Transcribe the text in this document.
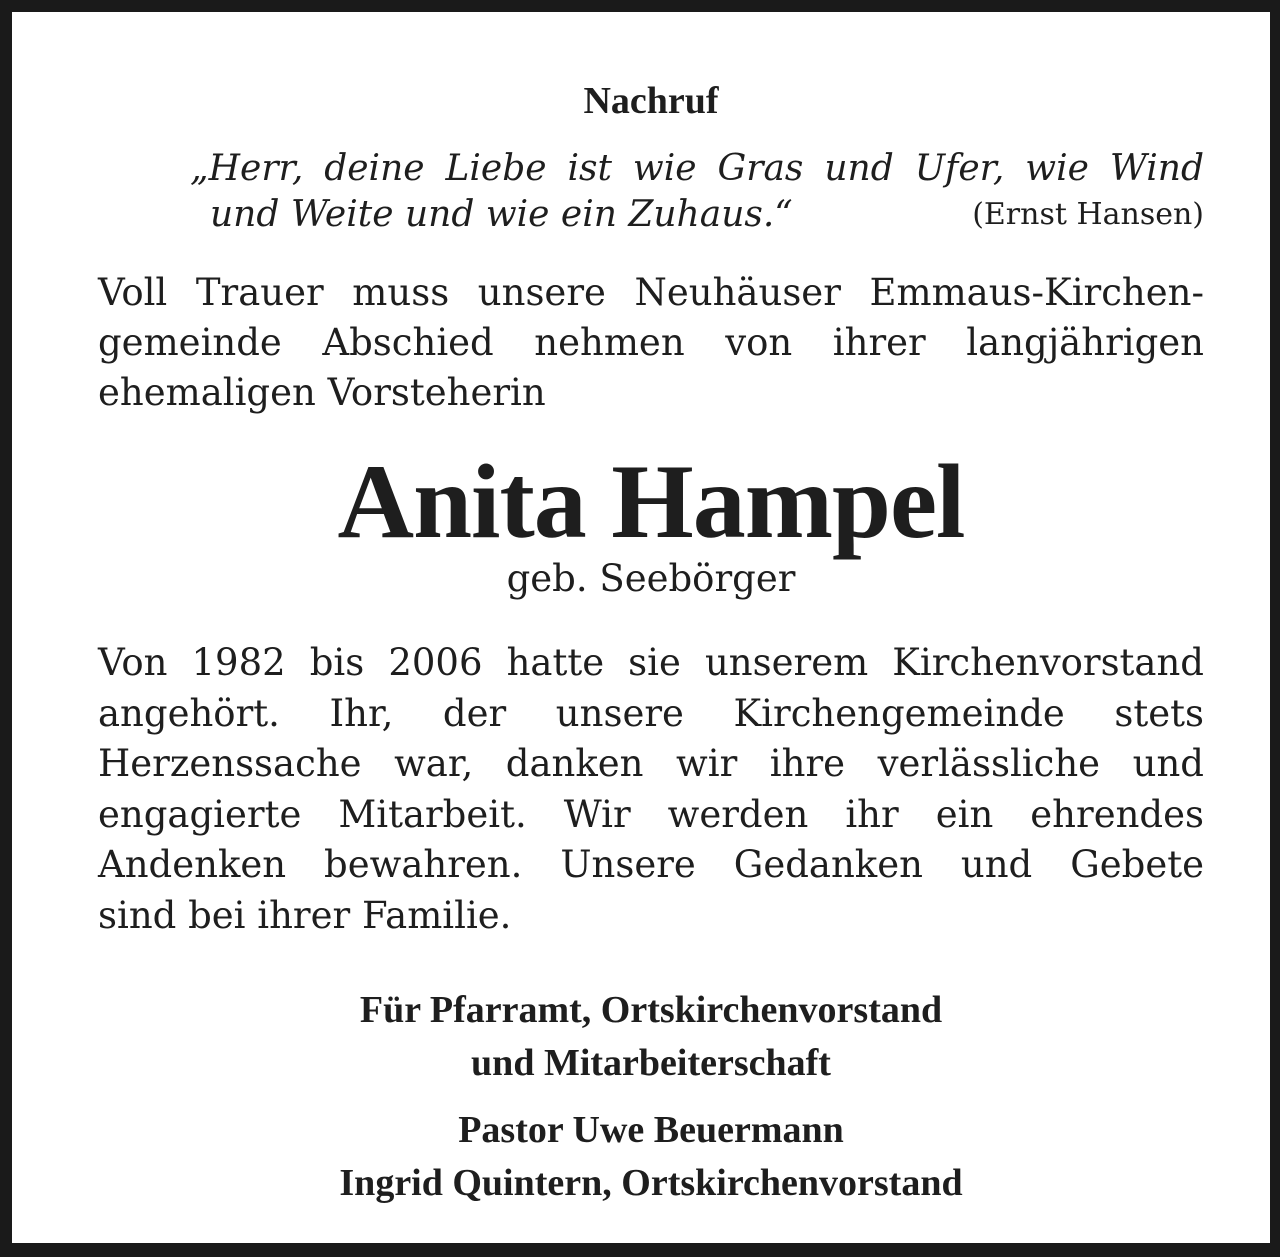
Nachruf
„Herr, deine Liebe ist wie Gras und Ufer, wie Wind
und Weite und wie ein Zuhaus.“	(Ernst Hansen)
Voll Trauer muss unsere Neuhäuser Emmaus-Kirchen-
gemeinde Abschied nehmen von ihrer langjährigen
ehemaligen Vorsteherin
Anita Hampel
geb. Seebörger
Von 1982 bis 2006 hatte sie unserem Kirchenvorstand
angehört. Ihr, der unsere Kirchengemeinde stets
Herzenssache war, danken wir ihre verlässliche und
engagierte Mitarbeit. Wir werden ihr ein ehrendes
Andenken bewahren. Unsere Gedanken und Gebete
sind bei ihrer Familie.
Für Pfarramt, Ortskirchenvorstand
und Mitarbeiterschaft
Pastor Uwe Beuermann
Ingrid Quintern, Ortskirchenvorstand
